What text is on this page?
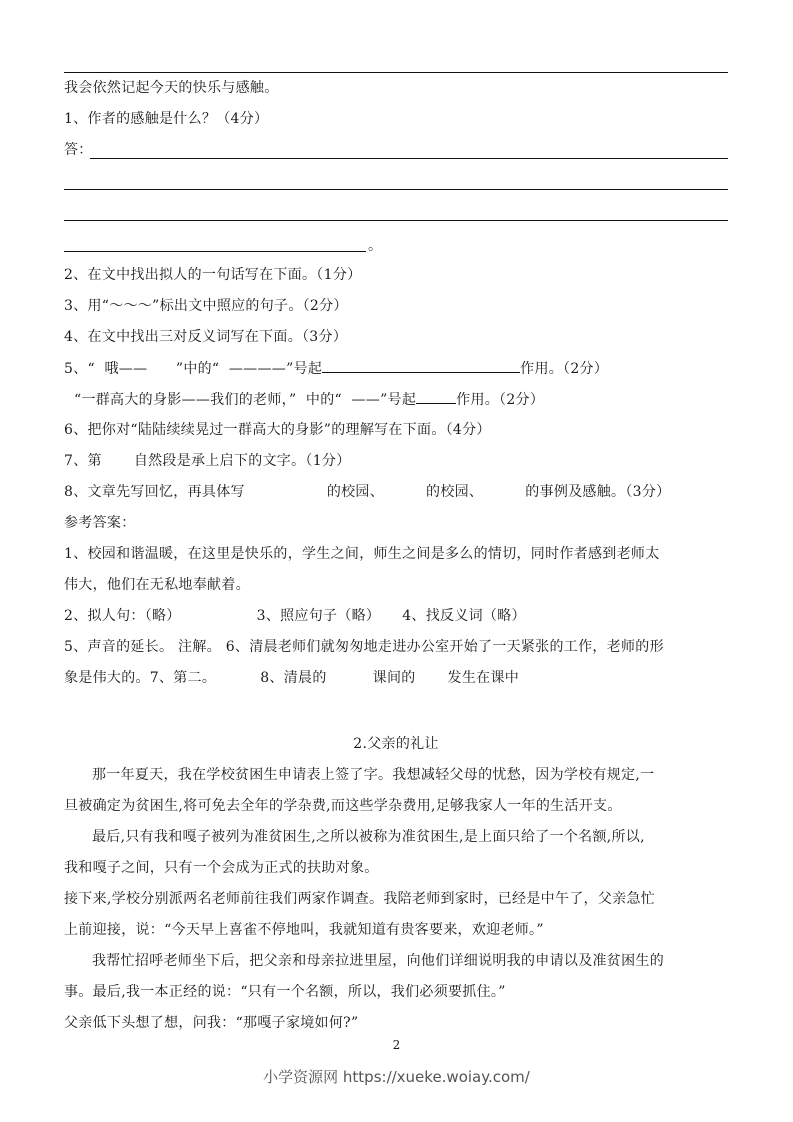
我会依然记起今天的快乐与感触。
1、作者的感触是什么？（4分）
答：
。
2、在文中找出拟人的一句话写在下面。（1分）
3、用“～～～”标出文中照应的句子。（2分）
4、在文中找出三对反义词写在下面。（3分）
5、“  哦——      ”中的“  ————”号起	作用。（2分）
“一群高大的身影——我们的老师，”  中的“  ——”号起	作用。（2分）
6、把你对“陆陆续续晃过一群高大的身影”的理解写在下面。（4分）
7、第 自然段是承上启下的文字。（1分）
8、文章先写回忆，再具体写	的校园、	的校园、	的事例及感触。（3分）
参考答案：
1、校园和谐温暖，在这里是快乐的，学生之间，师生之间是多么的情切，同时作者感到老师太
伟大，他们在无私地奉献着。
2、拟人句：（略）	3、照应句子（略） 4、找反义词（略）
5、声音的延长。 注解。 6、清晨老师们就匆匆地走进办公室开始了一天紧张的工作，老师的形
象是伟大的。7、第二。	8、清晨的	课间的 发生在课中
2.父亲的礼让
那一年夏天，我在学校贫困生申请表上签了字。我想减轻父母的忧愁，因为学校有规定,一
旦被确定为贫困生,将可免去全年的学杂费,而这些学杂费用,足够我家人一年的生活开支。
最后,只有我和嘎子被列为准贫困生,之所以被称为准贫困生,是上面只给了一个名额,所以,
我和嘎子之间，只有一个会成为正式的扶助对象。
接下来,学校分别派两名老师前往我们两家作调查。我陪老师到家时，已经是中午了，父亲急忙
上前迎接，说：“今天早上喜雀不停地叫，我就知道有贵客要来，欢迎老师。”
我帮忙招呼老师坐下后，把父亲和母亲拉进里屋，向他们详细说明我的申请以及准贫困生的
事。最后,我一本正经的说：“只有一个名额，所以，我们必须要抓住。”
父亲低下头想了想，问我：“那嘎子家境如何?”
2
小学资源网 https://xueke.woiay.com/
